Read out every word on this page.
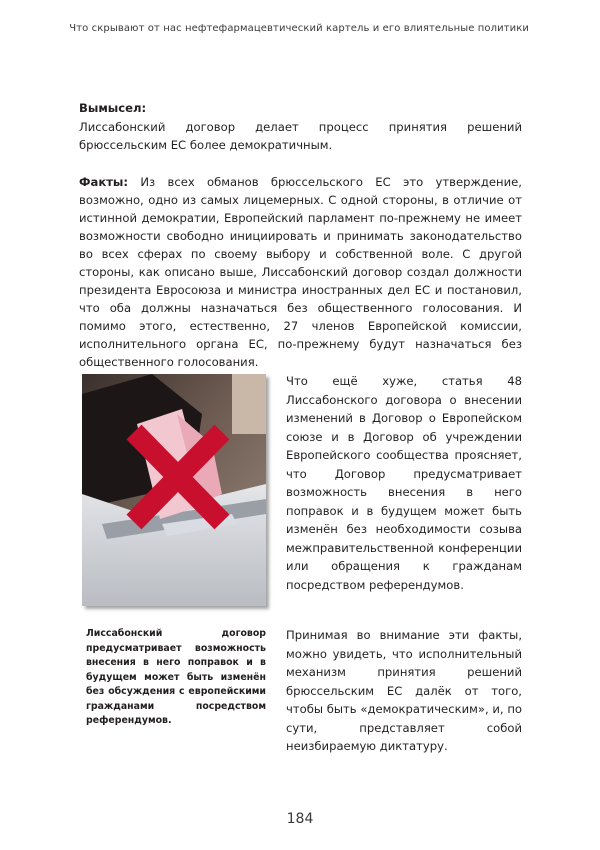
Что скрывают от нас нефтефармацевтический картель и его влиятельные политики
Вымысел:
Лиссабонский договор делает процесс принятия решений брюссельским ЕС более демократичным.
Факты: Из всех обманов брюссельского ЕС это утверждение, возможно, одно из самых лицемерных. С одной стороны, в отличие от истинной демократии, Европейский парламент по-прежнему не имеет возможности свободно инициировать и принимать законодательство во всех сферах по своему выбору и собственной воле. С другой стороны, как описано выше, Лиссабонский договор создал должности президента Евросоюза и министра иностранных дел ЕС и постановил, что оба должны назначаться без общественного голосования. И помимо этого, естественно, 27 членов Европейской комиссии, исполнительного органа ЕС, по-прежнему будут назначаться без общественного голосования.
Что ещё хуже, статья 48 Лиссабонского договора о внесении изменений в Договор о Европейском союзе и в Договор об учреждении Европейского сообщества проясняет, что Договор предусматривает возможность внесения в него поправок и в будущем может быть изменён без необходимости созыва межправительственной конференции или обращения к гражданам посредством референдумов.
Лиссабонский договор предусматривает возможность внесения в него поправок и в будущем может быть изменён без обсуждения с европейскими гражданами посредством референдумов.
Принимая во внимание эти факты, можно увидеть, что исполнительный механизм принятия решений брюссельским ЕС далёк от того, чтобы быть «демократическим», и, по сути, представляет собой неизбираемую диктатуру.
184
